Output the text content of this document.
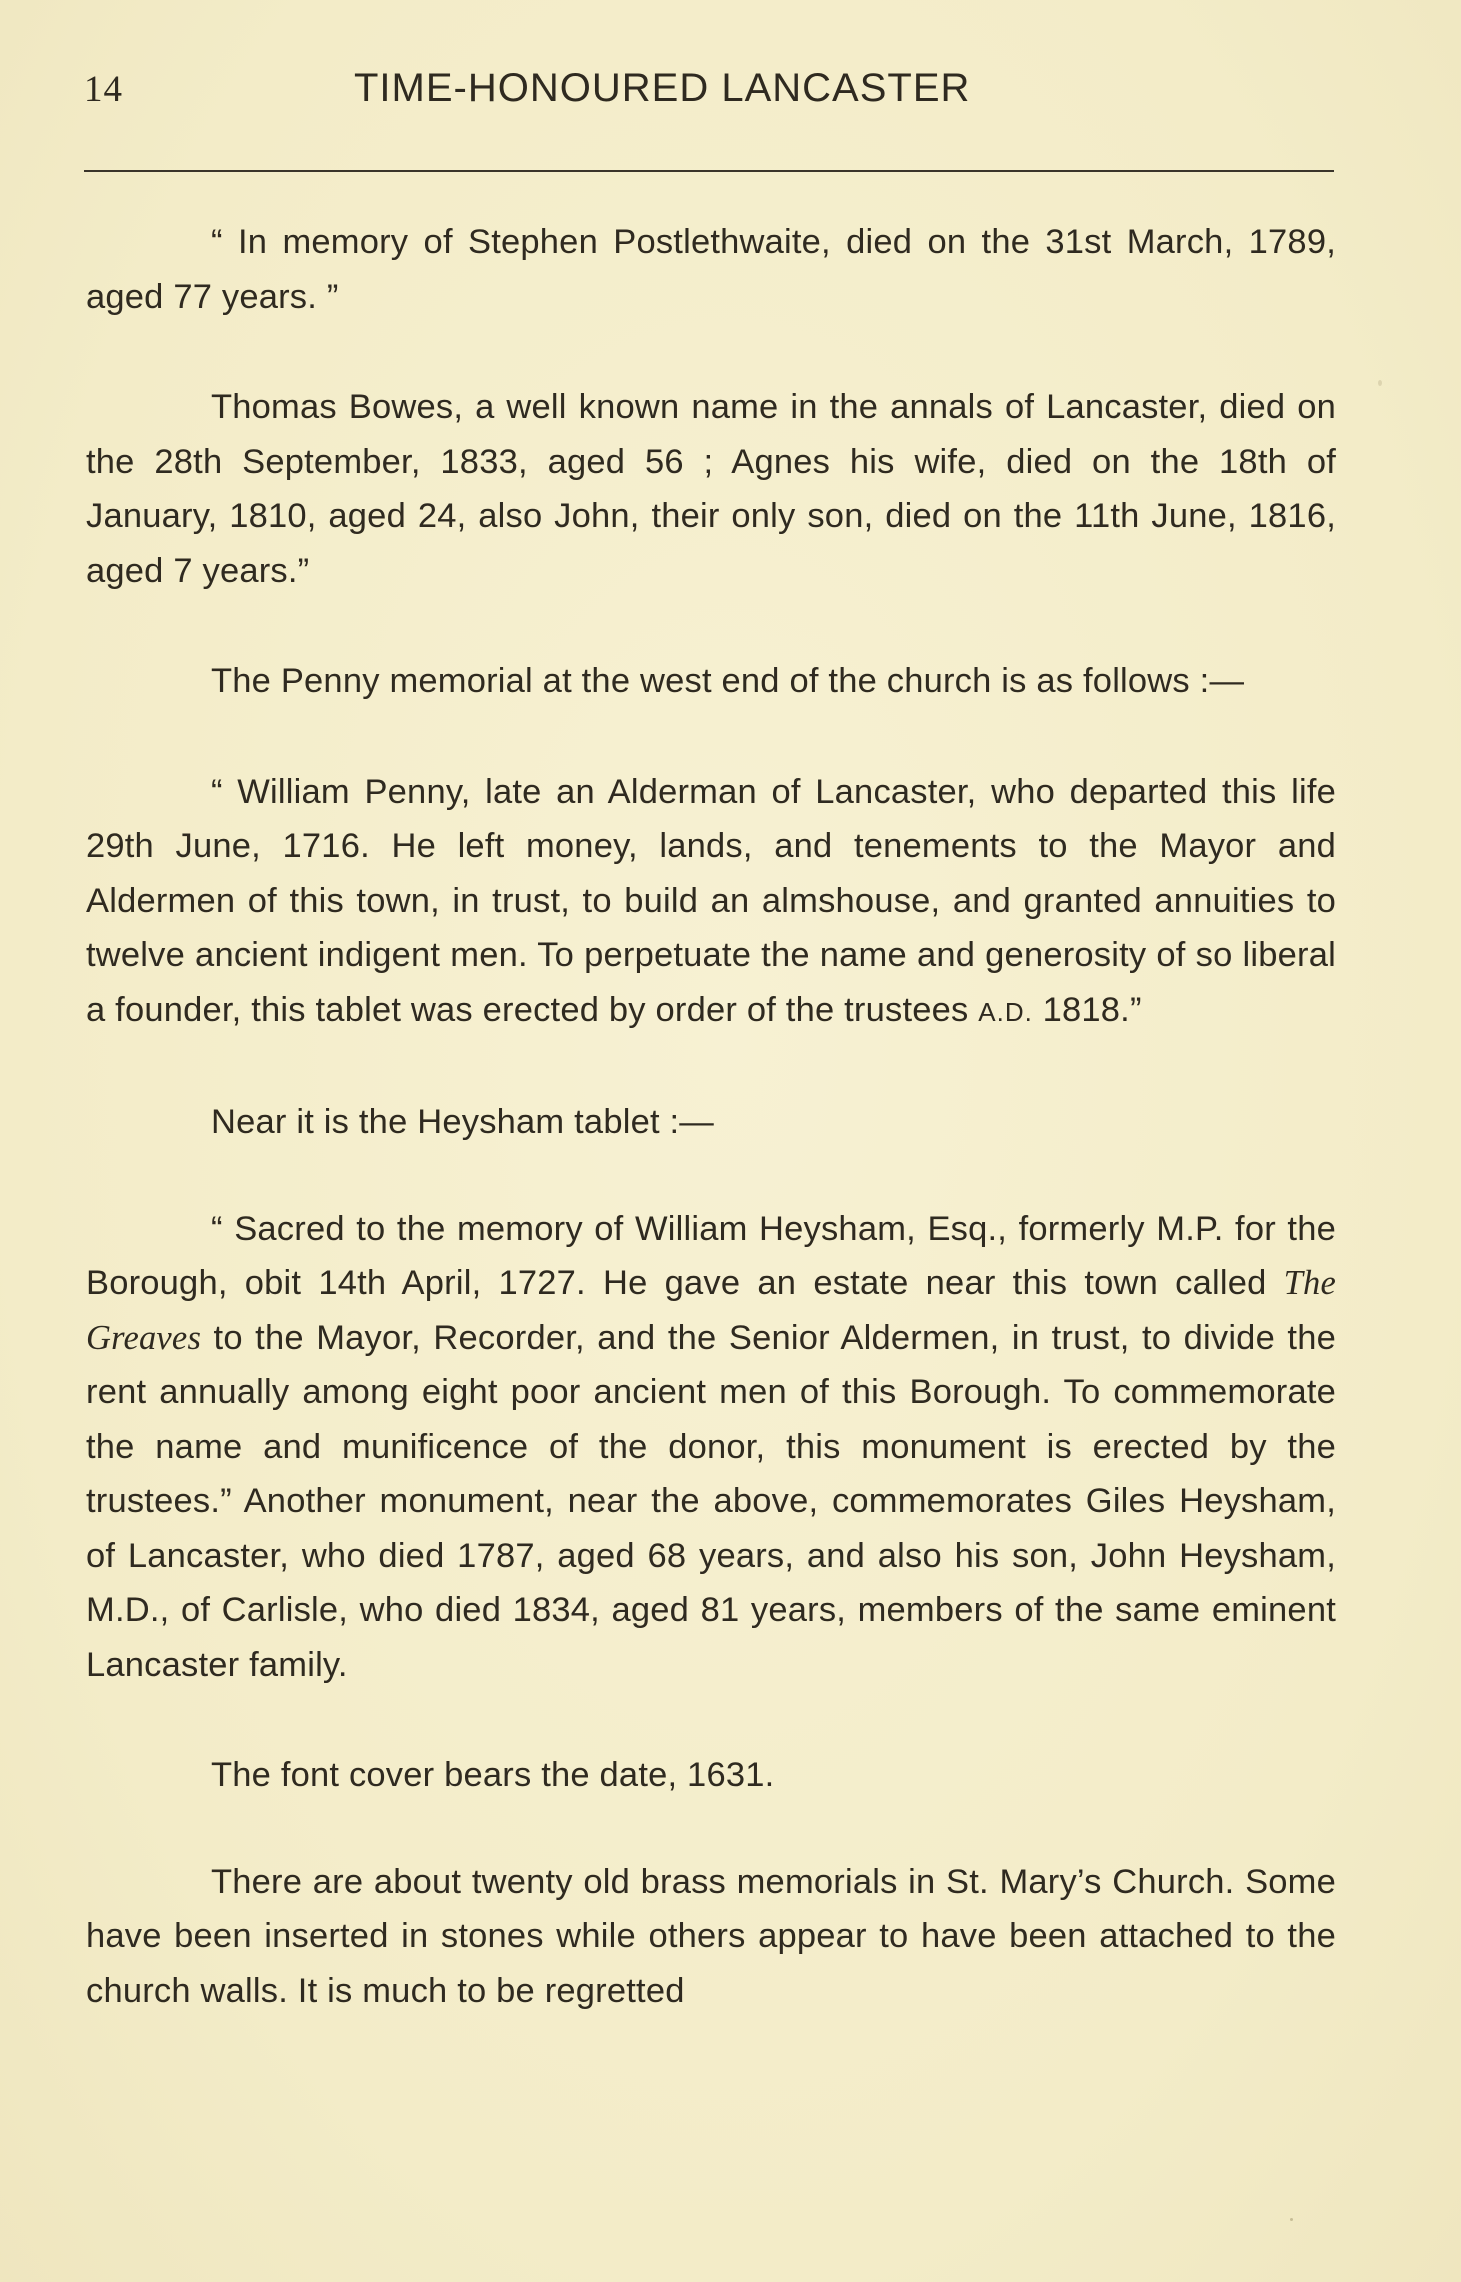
14	TIME-HONOURED LANCASTER

“ In memory of Stephen Postlethwaite, died on the 31st March, 1789, aged 77 years. ”

Thomas Bowes, a well known name in the annals of Lancaster, died on the 28th September, 1833, aged 56 ; Agnes his wife, died on the 18th of January, 1810, aged 24, also John, their only son, died on the 11th June, 1816, aged 7 years.”

The Penny memorial at the west end of the church is as follows :—

“ William Penny, late an Alderman of Lancaster, who departed this life 29th June, 1716. He left money, lands, and tenements to the Mayor and Aldermen of this town, in trust, to build an almshouse, and granted annuities to twelve ancient indigent men. To perpetuate the name and generosity of so liberal a founder, this tablet was erected by order of the trustees A.D. 1818.”

Near it is the Heysham tablet :—

“ Sacred to the memory of William Heysham, Esq., formerly M.P. for the Borough, obit 14th April, 1727. He gave an estate near this town called The Greaves to the Mayor, Recorder, and the Senior Aldermen, in trust, to divide the rent annually among eight poor ancient men of this Borough. To commemorate the name and munificence of the donor, this monument is erected by the trustees.” Another monument, near the above, commemorates Giles Heysham, of Lancaster, who died 1787, aged 68 years, and also his son, John Heysham, M.D., of Carlisle, who died 1834, aged 81 years, members of the same eminent Lancaster family.

The font cover bears the date, 1631.

There are about twenty old brass memorials in St. Mary’s Church. Some have been inserted in stones while others appear to have been attached to the church walls. It is much to be regretted
